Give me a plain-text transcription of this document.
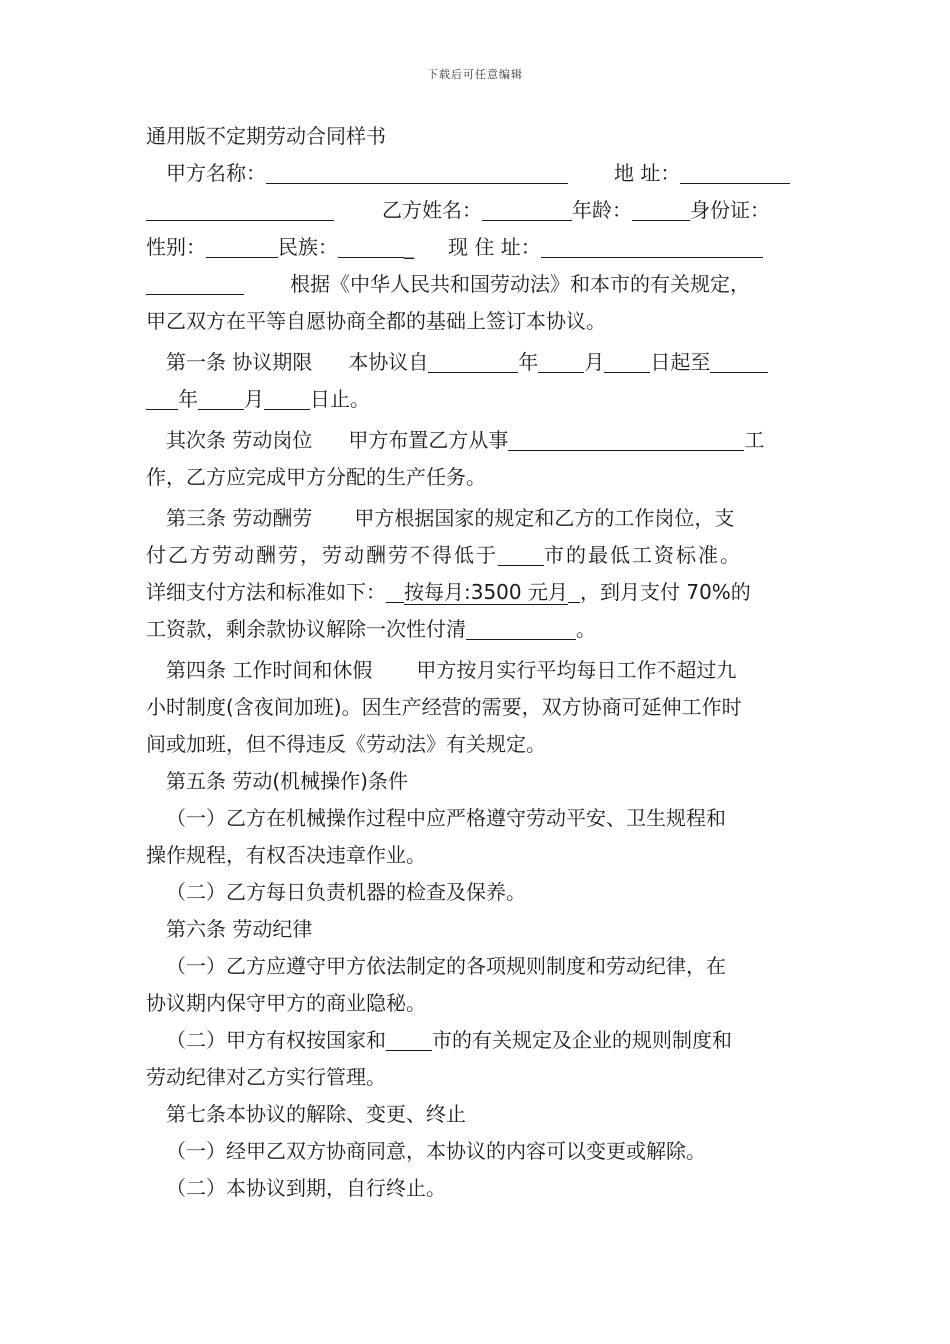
下载后可任意编辑
通用版不定期劳动合同样书
甲方名称：	地 址：
乙方姓名：	年龄：	身份证：
性别：	民族：	_ 现 住 址：
根据《中华人民共和国劳动法》和本市的有关规定，
甲乙双方在平等自愿协商全都的基础上签订本协议。
第一条 协议期限 本协议自	年 月 日起至
年 月 日止。
其次条 劳动岗位 甲方布置乙方从事	工
作，乙方应完成甲方分配的生产任务。
第三条 劳动酬劳 甲方根据国家的规定和乙方的工作岗位，支
付乙方劳动酬劳，劳动酬劳不得低于 市的最低工资标准。
详细支付方法和标准如下： 按每月:3500 元月 ，到月支付 70%的
工资款，剩余款协议解除一次性付清	。
第四条 工作时间和休假 甲方按月实行平均每日工作不超过九
小时制度(含夜间加班)。因生产经营的需要，双方协商可延伸工作时
间或加班，但不得违反《劳动法》有关规定。
第五条 劳动(机械操作)条件
（一）乙方在机械操作过程中应严格遵守劳动平安、卫生规程和
操作规程，有权否决违章作业。
（二）乙方每日负责机器的检查及保养。
第六条 劳动纪律
（一）乙方应遵守甲方依法制定的各项规则制度和劳动纪律，在
协议期内保守甲方的商业隐秘。
（二）甲方有权按国家和 市的有关规定及企业的规则制度和
劳动纪律对乙方实行管理。
第七条本协议的解除、变更、终止
（一）经甲乙双方协商同意，本协议的内容可以变更或解除。
（二）本协议到期，自行终止。
